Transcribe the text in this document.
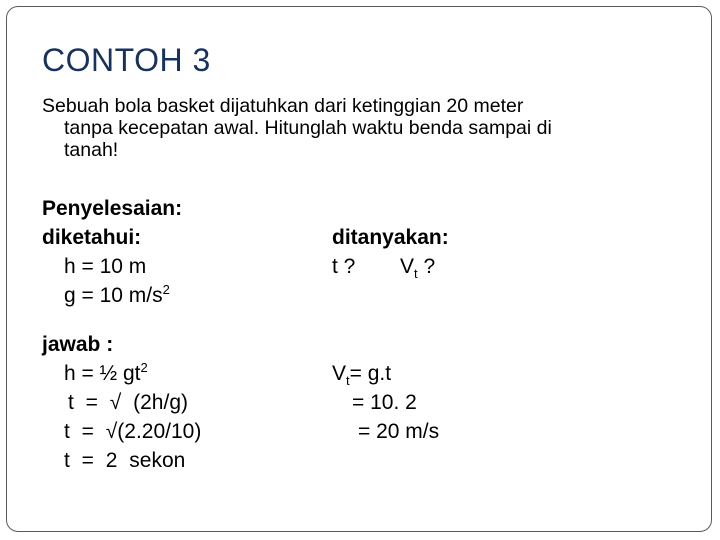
CONTOH 3
Sebuah bola basket dijatuhkan dari ketinggian 20 meter
tanpa kecepatan awal. Hitunglah waktu benda sampai di
tanah!
Penyelesaian:
diketahui:
h = 10 m
g = 10 $m/s^2$
jawab :
h = ½ $gt^2$
t = √ (2h/g)
t = √(2.20/10)
t = 2 sekon
ditanyakan:
t ? $V_t$ ?
$V_t= g.t$
= 10. 2
= 20 m/s
